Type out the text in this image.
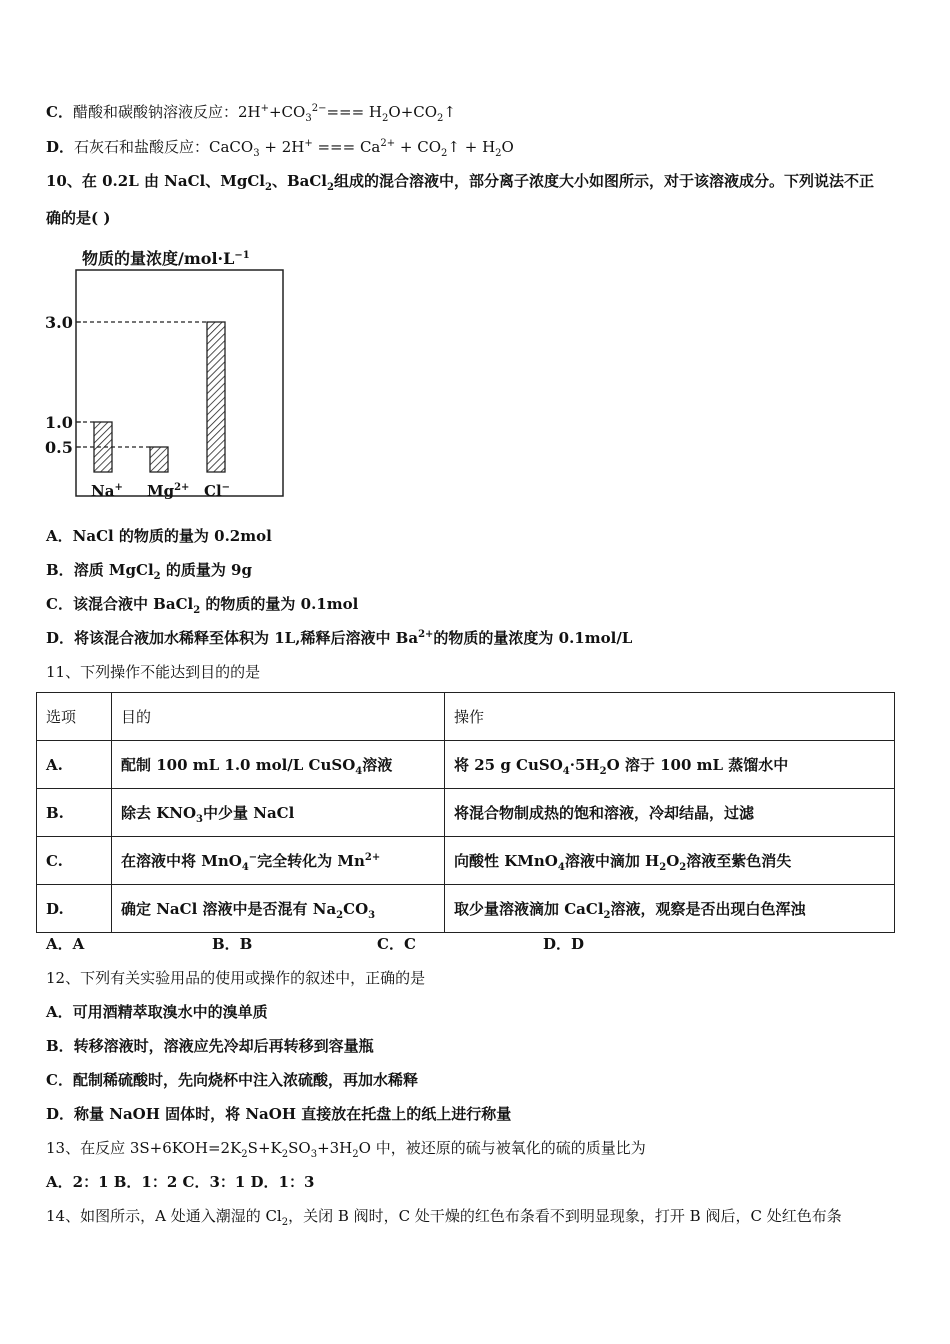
C．醋酸和碳酸钠溶液反应：$2H^++CO_3^{2-}===$ $H_2O+CO_2↑$
D．石灰石和盐酸反应：CaCO$_3$ + 2H+ === $Ca^{2+}$ + $CO_2↑ + H_2O$
10、在 0.2L 由 NaCl、MgCl$_2$、BaCl$_2$组成的混合溶液中，部分离子浓度大小如图所示，对于该溶液成分。下列说法不正
确的是( )
物质的量浓度$/mol\cdot L^{-1}$
1.0
0.5
3.0
Na+ $Mg^{2+}$ Cl−
A．NaCl 的物质的量为 0.2mol
B．溶质 MgCl$_2$ 的质量为 9g
C．该混合液中 BaCl$_2$ 的物质的量为 0.1mol
D．将该混合液加水稀释至体积为 1L,稀释后溶液中 $Ba^{2+}$的物质的量浓度为 0.1mol/L
11、下列操作不能达到目的的是
选项	目的	操作
A.	配制 100 mL 1.0 mol/L CuSO$_4$溶液	将 25 g $CuSO_4\cdot 5H_2O$ 溶于 100 mL 蒸馏水中
B.	除去 $KNO_3$中少量 NaCl	将混合物制成热的饱和溶液，冷却结晶，过滤
C.	在溶液中将 MnO$_4$−完全转化为 $Mn^{2+}$	向酸性 KMnO$_4$溶液中滴加 $H_2O_2$溶液至紫色消失
D.	确定 NaCl 溶液中是否混有 $Na_2CO_3$	取少量溶液滴加 CaCl$_2$溶液，观察是否出现白色浑浊
A．A	B．B	C．C	D．D
12、下列有关实验用品的使用或操作的叙述中，正确的是
A．可用酒精萃取溴水中的溴单质
B．转移溶液时，溶液应先冷却后再转移到容量瓶
C．配制稀硫酸时，先向烧杯中注入浓硫酸，再加水稀释
D．称量 NaOH 固体时，将 NaOH 直接放在托盘上的纸上进行称量
13、在反应 $3S+6KOH=2K_2S+K_2SO_3+3H_2O$ 中，被还原的硫与被氧化的硫的质量比为
A．2：1 B．1：2 C．3：1 D．1：3
14、如图所示，A 处通入潮湿的 $Cl_2$，关闭 B 阀时，C 处干燥的红色布条看不到明显现象，打开 B 阀后，C 处红色布条
